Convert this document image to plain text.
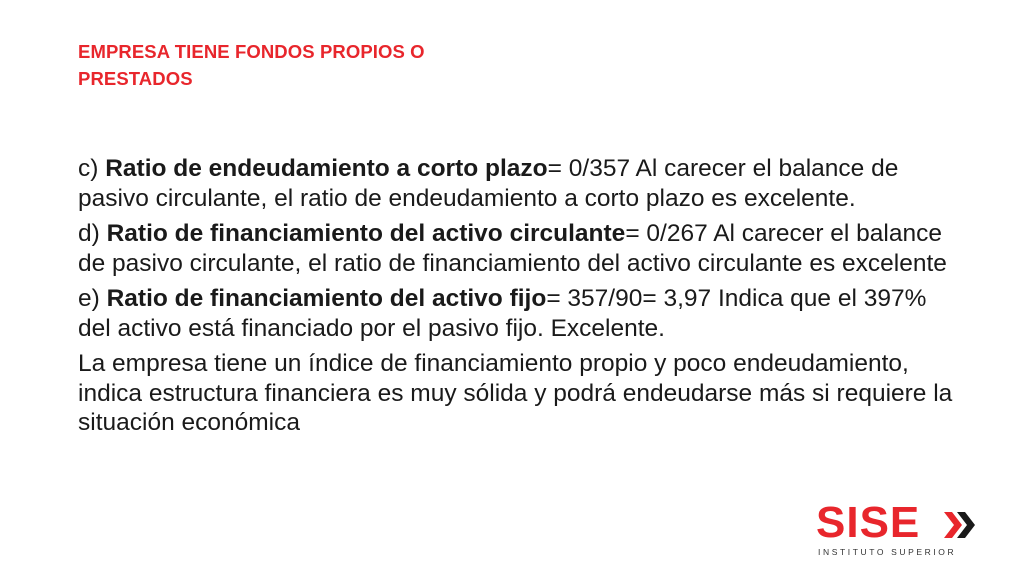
EMPRESA TIENE FONDOS PROPIOS O PRESTADOS

c) Ratio de endeudamiento a corto plazo= 0/357 Al carecer el balance de pasivo circulante, el ratio de endeudamiento a corto plazo es excelente.

d) Ratio de financiamiento del activo circulante= 0/267 Al carecer el balance de pasivo circulante, el ratio de financiamiento del activo circulante es excelente

e) Ratio de financiamiento del activo fijo= 357/90= 3,97 Indica que el 397% del activo está financiado por el pasivo fijo. Excelente.

La empresa tiene un índice de financiamiento propio y poco endeudamiento, indica estructura financiera es muy sólida y podrá endeudarse más si requiere la situación económica

SISE
INSTITUTO SUPERIOR
